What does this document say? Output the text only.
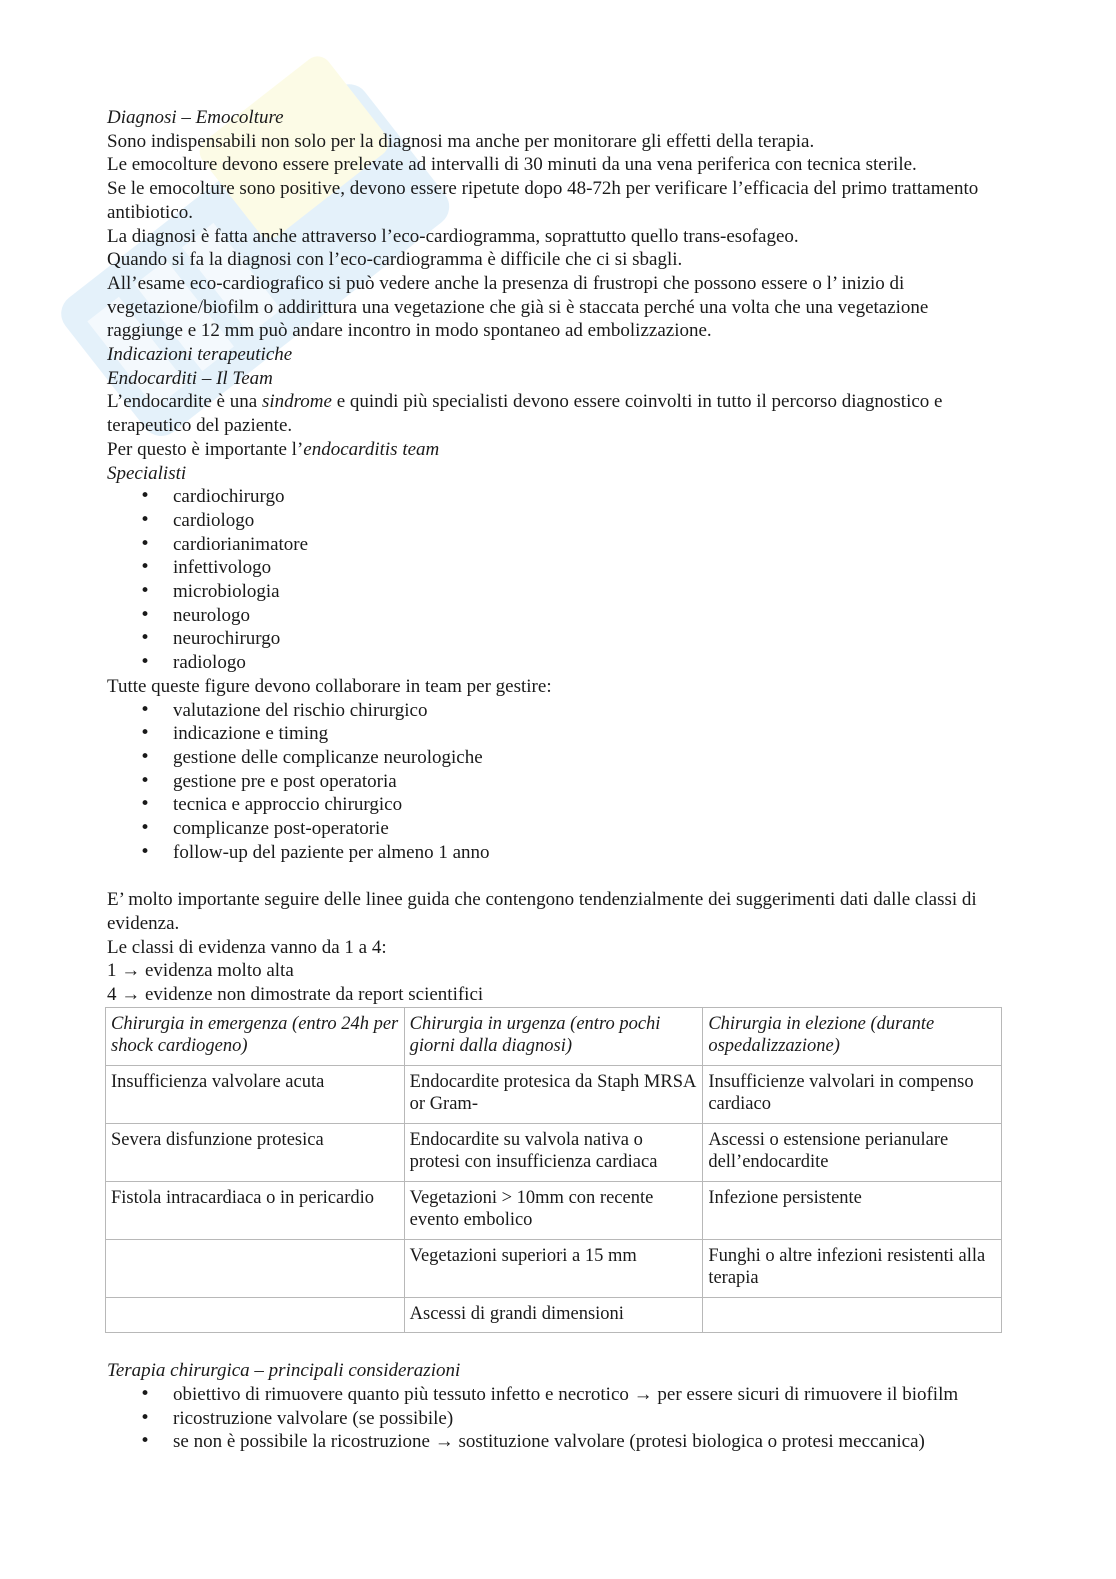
Diagnosi – Emocolture

Sono indispensabili non solo per la diagnosi ma anche per monitorare gli effetti della terapia.

Le emocolture devono essere prelevate ad intervalli di 30 minuti da una vena periferica con tecnica sterile.

Se le emocolture sono positive, devono essere ripetute dopo 48-72h per verificare l’efficacia del primo trattamento antibiotico.

La diagnosi è fatta anche attraverso l’eco-cardiogramma, soprattutto quello trans-esofageo.

Quando si fa la diagnosi con l’eco-cardiogramma è difficile che ci si sbagli.

All’esame eco-cardiografico si può vedere anche la presenza di frustropi che possono essere o l’ inizio di vegetazione/biofilm o addirittura una vegetazione che già si è staccata perché una volta che una vegetazione raggiunge e 12 mm può andare incontro in modo spontaneo ad embolizzazione.

Indicazioni terapeutiche

Endocarditi – Il Team

L’endocardite è una sindrome e quindi più specialisti devono essere coinvolti in tutto il percorso diagnostico e terapeutico del paziente.

Per questo è importante l’endocarditis team

Specialisti

• cardiochirurgo
• cardiologo
• cardiorianimatore
• infettivologo
• microbiologia
• neurologo
• neurochirurgo
• radiologo

Tutte queste figure devono collaborare in team per gestire:

• valutazione del rischio chirurgico
• indicazione e timing
• gestione delle complicanze neurologiche
• gestione pre e post operatoria
• tecnica e approccio chirurgico
• complicanze post-operatorie
• follow-up del paziente per almeno 1 anno

E’ molto importante seguire delle linee guida che contengono tendenzialmente dei suggerimenti dati dalle classi di evidenza.

Le classi di evidenza vanno da 1 a 4:

1 → evidenza molto alta

4 → evidenze non dimostrate da report scientifici

Chirurgia in emergenza (entro 24h per shock cardiogeno)	Chirurgia in urgenza (entro pochi giorni dalla diagnosi)	Chirurgia in elezione (durante ospedalizzazione)
Insufficienza valvolare acuta	Endocardite protesica da Staph MRSA or Gram-	Insufficienze valvolari in compenso cardiaco
Severa disfunzione protesica	Endocardite su valvola nativa o protesi con insufficienza cardiaca	Ascessi o estensione perianulare dell’endocardite
Fistola intracardiaca o in pericardio	Vegetazioni > 10mm con recente evento embolico	Infezione persistente
	Vegetazioni superiori a 15 mm	Funghi o altre infezioni resistenti alla terapia
	Ascessi di grandi dimensioni	

Terapia chirurgica – principali considerazioni

• obiettivo di rimuovere quanto più tessuto infetto e necrotico → per essere sicuri di rimuovere il biofilm
• ricostruzione valvolare (se possibile)
• se non è possibile la ricostruzione → sostituzione valvolare (protesi biologica o protesi meccanica)
